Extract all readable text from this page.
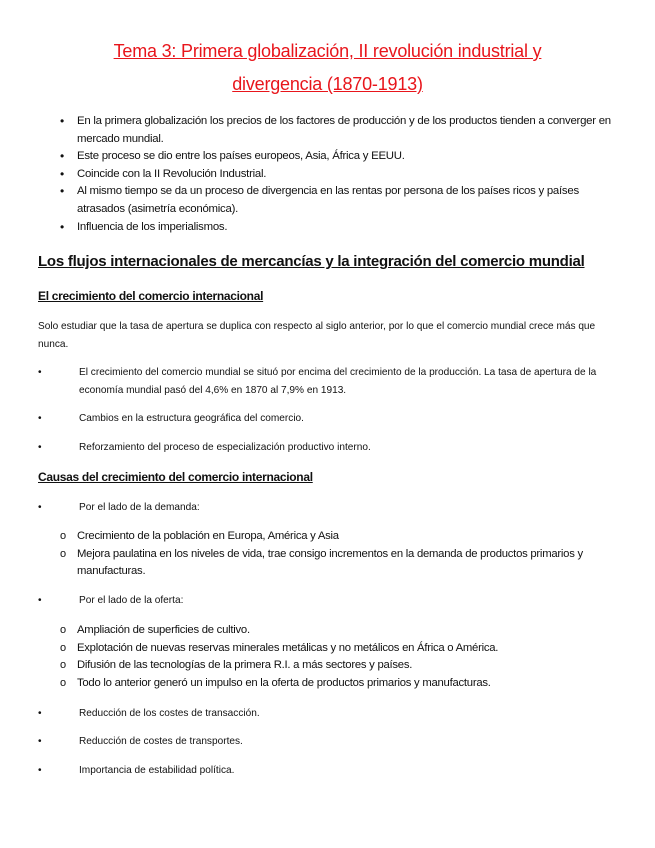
Tema 3: Primera globalización, II revolución industrial y
divergencia (1870-1913)
• En la primera globalización los precios de los factores de producción y de los productos tienden a converger en mercado mundial.
• Este proceso se dio entre los países europeos, Asia, África y EEUU.
• Coincide con la II Revolución Industrial.
• Al mismo tiempo se da un proceso de divergencia en las rentas por persona de los países ricos y países atrasados (asimetría económica).
• Influencia de los imperialismos.
Los flujos internacionales de mercancías y la integración del comercio mundial
El crecimiento del comercio internacional
Solo estudiar que la tasa de apertura se duplica con respecto al siglo anterior, por lo que el comercio mundial crece más que nunca.
• El crecimiento del comercio mundial se situó por encima del crecimiento de la producción. La tasa de apertura de la economía mundial pasó del 4,6% en 1870 al 7,9% en 1913.
• Cambios en la estructura geográfica del comercio.
• Reforzamiento del proceso de especialización productivo interno.
Causas del crecimiento del comercio internacional
• Por el lado de la demanda:
o Crecimiento de la población en Europa, América y Asia
o Mejora paulatina en los niveles de vida, trae consigo incrementos en la demanda de productos primarios y manufacturas.
• Por el lado de la oferta:
o Ampliación de superficies de cultivo.
o Explotación de nuevas reservas minerales metálicas y no metálicos en África o América.
o Difusión de las tecnologías de la primera R.I. a más sectores y países.
o Todo lo anterior generó un impulso en la oferta de productos primarios y manufacturas.
• Reducción de los costes de transacción.
• Reducción de costes de transportes.
• Importancia de estabilidad política.
